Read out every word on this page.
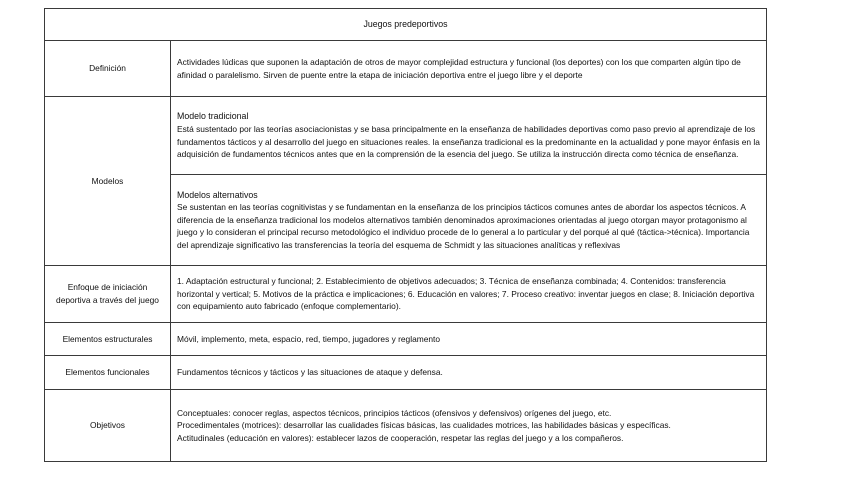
Juegos predeportivos	
Definición	Actividades lúdicas que suponen la adaptación de otros de mayor complejidad estructura y funcional (los deportes) con los que comparten algún tipo de afinidad o paralelismo. Sirven de puente entre la etapa de iniciación deportiva entre el juego libre y el deporte
Modelos	Modelo tradicional
Está sustentado por las teorías asociacionistas y se basa principalmente en la enseñanza de habilidades deportivas como paso previo al aprendizaje de los fundamentos tácticos y al desarrollo del juego en situaciones reales. la enseñanza tradicional es la predominante en la actualidad y pone mayor énfasis en la adquisición de fundamentos técnicos antes que en la comprensión de la esencia del juego. Se utiliza la instrucción directa como técnica de enseñanza.

	Modelos alternativos
Se sustentan en las teorías cognitivistas y se fundamentan en la enseñanza de los principios tácticos comunes antes de abordar los aspectos técnicos. A diferencia de la enseñanza tradicional los modelos alternativos también denominados aproximaciones orientadas al juego otorgan mayor protagonismo al juego y lo consideran el principal recurso metodológico el individuo procede de lo general a lo particular y del porqué al qué (táctica->técnica). Importancia del aprendizaje significativo las transferencias la teoría del esquema de Schmidt y las situaciones analíticas y reflexivas

Enfoque de iniciación deportiva a través del juego	1. Adaptación estructural y funcional; 2. Establecimiento de objetivos adecuados; 3. Técnica de enseñanza combinada; 4. Contenidos: transferencia horizontal y vertical; 5. Motivos de la práctica e implicaciones; 6. Educación en valores; 7. Proceso creativo: inventar juegos en clase; 8. Iniciación deportiva con equipamiento auto fabricado (enfoque complementario).
Elementos estructurales	Móvil, implemento, meta, espacio, red, tiempo, jugadores y reglamento
Elementos funcionales	Fundamentos técnicos y tácticos y las situaciones de ataque y defensa.
Objetivos	Conceptuales: conocer reglas, aspectos técnicos, principios tácticos (ofensivos y defensivos) orígenes del juego, etc.
Procedimentales (motrices): desarrollar las cualidades físicas básicas, las cualidades motrices, las habilidades básicas y específicas.
Actitudinales (educación en valores): establecer lazos de cooperación, respetar las reglas del juego y a los compañeros.
